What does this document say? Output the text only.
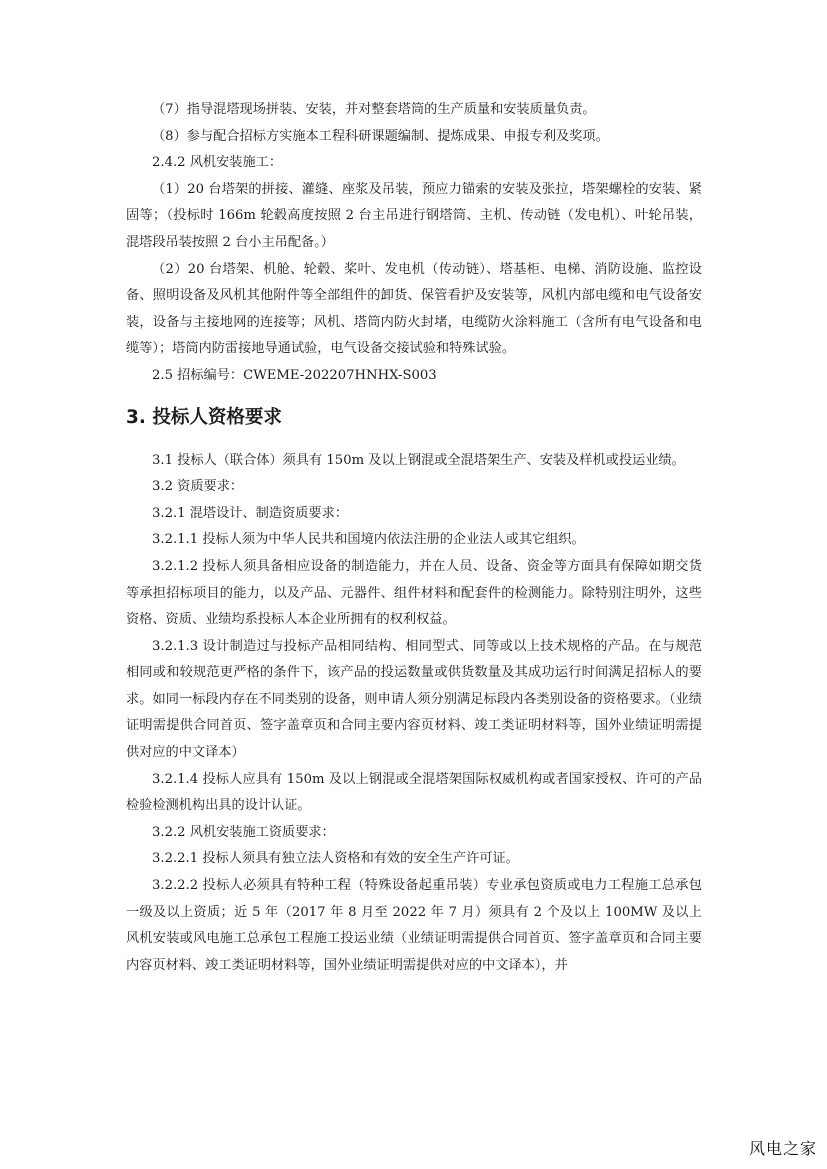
（7）指导混塔现场拼装、安装，并对整套塔筒的生产质量和安装质量负责。

（8）参与配合招标方实施本工程科研课题编制、提炼成果、申报专利及奖项。

2.4.2 风机安装施工：

（1）20 台塔架的拼接、灌缝、座浆及吊装，预应力锚索的安装及张拉，塔架螺栓的安装、紧固等；（投标时 166m 轮毂高度按照 2 台主吊进行钢塔筒、主机、传动链（发电机）、叶轮吊装，混塔段吊装按照 2 台小主吊配备。）

（2）20 台塔架、机舱、轮毂、桨叶、发电机（传动链）、塔基柜、电梯、消防设施、监控设备、照明设备及风机其他附件等全部组件的卸货、保管看护及安装等，风机内部电缆和电气设备安装，设备与主接地网的连接等；风机、塔筒内防火封堵，电缆防火涂料施工（含所有电气设备和电缆等）；塔筒内防雷接地导通试验，电气设备交接试验和特殊试验。

2.5 招标编号：CWEME-202207HNHX-S003

3. 投标人资格要求

3.1 投标人（联合体）须具有 150m 及以上钢混或全混塔架生产、安装及样机或投运业绩。

3.2 资质要求：

3.2.1 混塔设计、制造资质要求：

3.2.1.1 投标人须为中华人民共和国境内依法注册的企业法人或其它组织。

3.2.1.2 投标人须具备相应设备的制造能力，并在人员、设备、资金等方面具有保障如期交货等承担招标项目的能力，以及产品、元器件、组件材料和配套件的检测能力。除特别注明外，这些资格、资质、业绩均系投标人本企业所拥有的权利权益。

3.2.1.3 设计制造过与投标产品相同结构、相同型式、同等或以上技术规格的产品。在与规范相同或和较规范更严格的条件下，该产品的投运数量或供货数量及其成功运行时间满足招标人的要求。如同一标段内存在不同类别的设备，则申请人须分别满足标段内各类别设备的资格要求。（业绩证明需提供合同首页、签字盖章页和合同主要内容页材料、竣工类证明材料等，国外业绩证明需提供对应的中文译本）

3.2.1.4 投标人应具有 150m 及以上钢混或全混塔架国际权威机构或者国家授权、许可的产品检验检测机构出具的设计认证。

3.2.2 风机安装施工资质要求：

3.2.2.1 投标人须具有独立法人资格和有效的安全生产许可证。

3.2.2.2 投标人必须具有特种工程（特殊设备起重吊装）专业承包资质或电力工程施工总承包一级及以上资质；近 5 年（2017 年 8 月至 2022 年 7 月）须具有 2 个及以上 100MW 及以上风机安装或风电施工总承包工程施工投运业绩（业绩证明需提供合同首页、签字盖章页和合同主要内容页材料、竣工类证明材料等，国外业绩证明需提供对应的中文译本），并

风电之家
